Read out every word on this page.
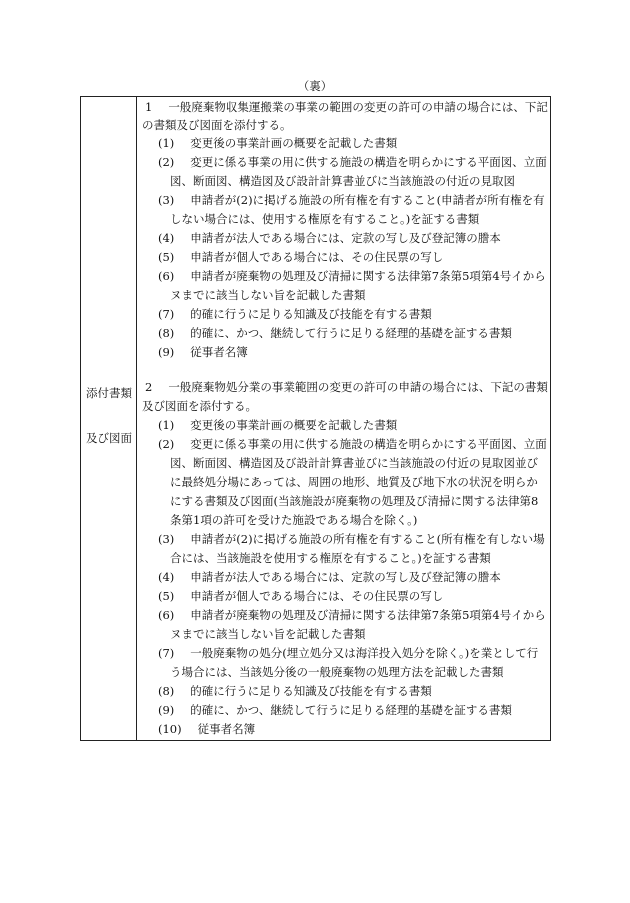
（裏）
添付書類
及び図面
1 一般廃棄物収集運搬業の事業の範囲の変更の許可の申請の場合には、下記
の書類及び図面を添付する。
(1) 変更後の事業計画の概要を記載した書類
(2) 変更に係る事業の用に供する施設の構造を明らかにする平面図、立面
図、断面図、構造図及び設計計算書並びに当該施設の付近の見取図
(3) 申請者が(2)に掲げる施設の所有権を有すること(申請者が所有権を有
しない場合には、使用する権原を有すること。)を証する書類
(4) 申請者が法人である場合には、定款の写し及び登記簿の謄本
(5) 申請者が個人である場合には、その住民票の写し
(6) 申請者が廃棄物の処理及び清掃に関する法律第7条第5項第4号イから
ヌまでに該当しない旨を記載した書類
(7) 的確に行うに足りる知識及び技能を有する書類
(8) 的確に、かつ、継続して行うに足りる経理的基礎を証する書類
(9) 従事者名簿
2 一般廃棄物処分業の事業範囲の変更の許可の申請の場合には、下記の書類
及び図面を添付する。
(1) 変更後の事業計画の概要を記載した書類
(2) 変更に係る事業の用に供する施設の構造を明らかにする平面図、立面
図、断面図、構造図及び設計計算書並びに当該施設の付近の見取図並び
に最終処分場にあっては、周囲の地形、地質及び地下水の状況を明らか
にする書類及び図面(当該施設が廃棄物の処理及び清掃に関する法律第8
条第1項の許可を受けた施設である場合を除く。)
(3) 申請者が(2)に掲げる施設の所有権を有すること(所有権を有しない場
合には、当該施設を使用する権原を有すること。)を証する書類
(4) 申請者が法人である場合には、定款の写し及び登記簿の謄本
(5) 申請者が個人である場合には、その住民票の写し
(6) 申請者が廃棄物の処理及び清掃に関する法律第7条第5項第4号イから
ヌまでに該当しない旨を記載した書類
(7) 一般廃棄物の処分(埋立処分又は海洋投入処分を除く。)を業として行
う場合には、当該処分後の一般廃棄物の処理方法を記載した書類
(8) 的確に行うに足りる知識及び技能を有する書類
(9) 的確に、かつ、継続して行うに足りる経理的基礎を証する書類
(10) 従事者名簿
